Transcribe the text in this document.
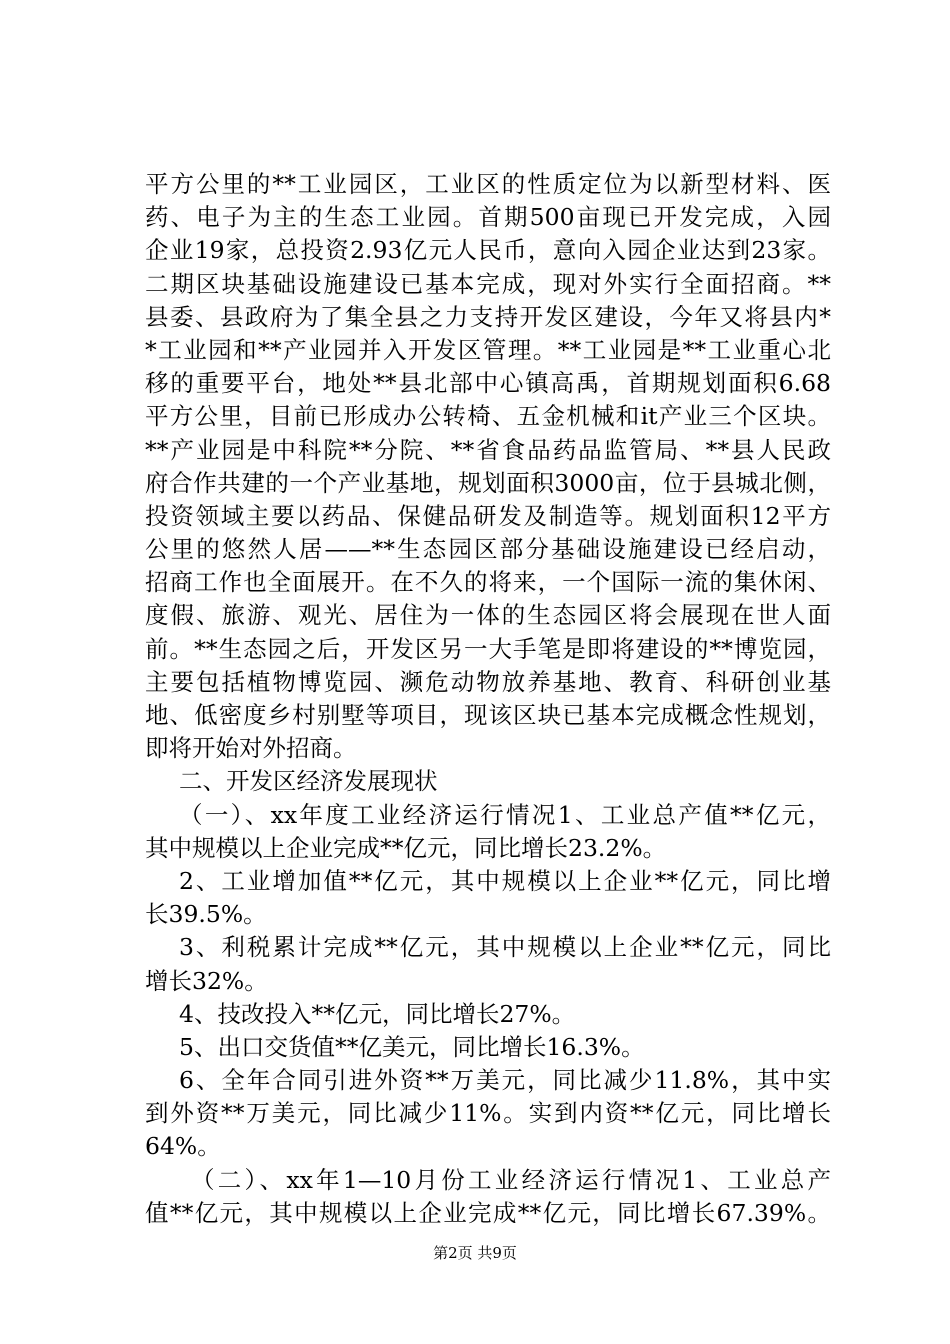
平方公里的**工业园区，工业区的性质定位为以新型材料、医
药、电子为主的生态工业园。首期500亩现已开发完成，入园
企业19家，总投资2.93亿元人民币，意向入园企业达到23家。
二期区块基础设施建设已基本完成，现对外实行全面招商。**
县委、县政府为了集全县之力支持开发区建设，今年又将县内*
*工业园和**产业园并入开发区管理。**工业园是**工业重心北
移的重要平台，地处**县北部中心镇高禹，首期规划面积6.68
平方公里，目前已形成办公转椅、五金机械和it产业三个区块。
**产业园是中科院**分院、**省食品药品监管局、**县人民政
府合作共建的一个产业基地，规划面积3000亩，位于县城北侧，
投资领域主要以药品、保健品研发及制造等。规划面积12平方
公里的悠然人居——**生态园区部分基础设施建设已经启动，
招商工作也全面展开。在不久的将来，一个国际一流的集休闲、
度假、旅游、观光、居住为一体的生态园区将会展现在世人面
前。**生态园之后，开发区另一大手笔是即将建设的**博览园，
主要包括植物博览园、濒危动物放养基地、教育、科研创业基
地、低密度乡村别墅等项目，现该区块已基本完成概念性规划，
即将开始对外招商。
二、开发区经济发展现状
（一）、xx年度工业经济运行情况1、工业总产值**亿元，
其中规模以上企业完成**亿元，同比增长23.2%。
2、工业增加值**亿元，其中规模以上企业**亿元，同比增
长39.5%。
3、利税累计完成**亿元，其中规模以上企业**亿元，同比
增长32%。
4、技改投入**亿元，同比增长27%。
5、出口交货值**亿美元，同比增长16.3%。
6、全年合同引进外资**万美元，同比减少11.8%，其中实
到外资**万美元，同比减少11%。实到内资**亿元，同比增长
64%。
（二）、xx年1—10月份工业经济运行情况1、工业总产
值**亿元，其中规模以上企业完成**亿元，同比增长67.39%。
第2页 共9页
